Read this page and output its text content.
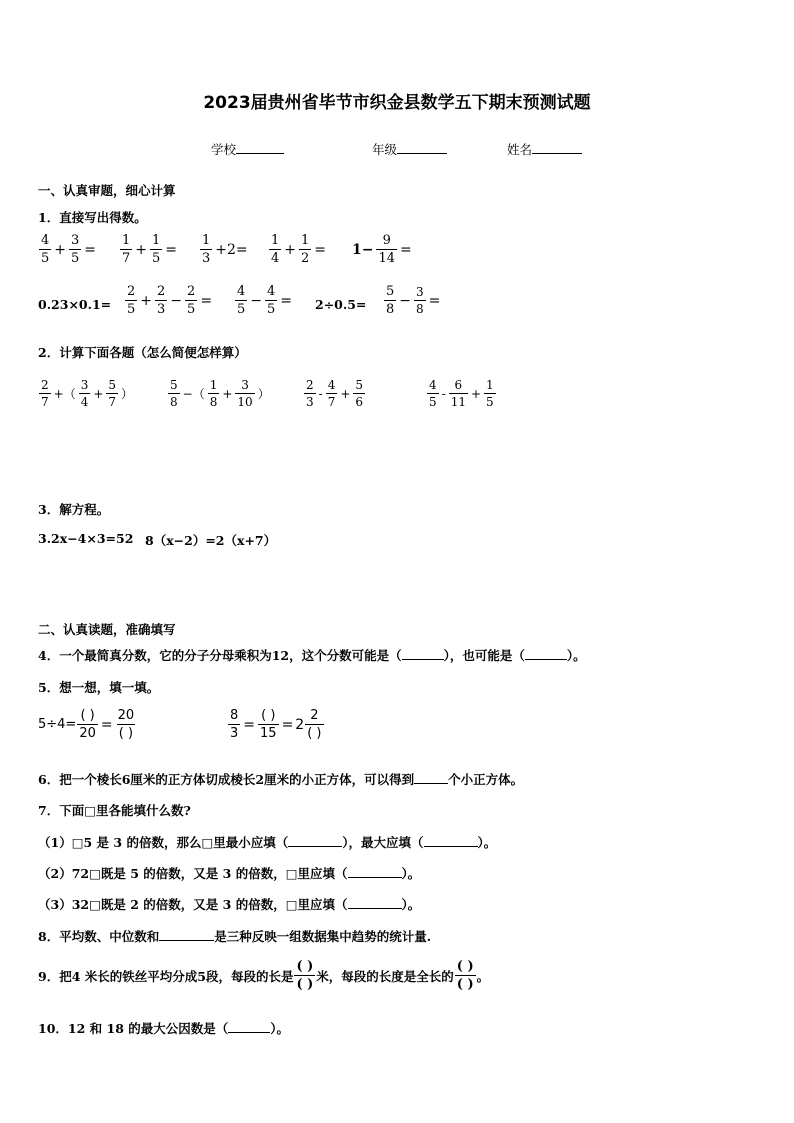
2023届贵州省毕节市织金县数学五下期末预测试题
学校	年级	姓名
一、认真审题，细心计算
1．直接写出得数。
$\frac{4}{5} + \frac{3}{5} = \frac{1}{7} + \frac{1}{5} = \frac{1}{3} +2= \frac{1}{4} + \frac{1}{2} = 1- \frac{9}{14}$ =
$0.23\times 0.1= \frac{2}{5} + \frac{2}{3} - \frac{2}{5} = \frac{4}{5} - \frac{4}{5} = 2\div 0.5= \frac{5}{8} - \frac{3}{8}$ =
2．计算下面各题（怎么简便怎样算）
$\frac{2}{7}$ +（ $\frac{3}{4} + \frac{5}{7}$ ）	$\frac{5}{8}$ −（ $\frac{1}{8} + \frac{3}{10}$ ）	$\frac{2}{3} - \frac{4}{7} + \frac{5}{6}$	$\frac{4}{5} - \frac{6}{11} + \frac{1}{5}$
3．解方程。
3.2x−4×3=52 8（x−2）=2（x+7）
二、认真读题，准确填写
4．一个最简真分数，它的分子分母乘积为12，这个分数可能是（	），也可能是（	）。
5．想一想，填一填。
$5\div 4= \frac{( )}{20} = \frac{20}{( )}$	$\frac{8}{3} = \frac{( )}{15} = 2 \frac{2}{( )}$
6．把一个棱长6厘米的正方体切成棱长2厘米的小正方体，可以得到	个小正方体。
7．下面□里各能填什么数?
（1）□5 是 3 的倍数，那么□里最小应填（	），最大应填（	）。
（2）72□既是 5 的倍数，又是 3 的倍数，□里应填（	）。
（3）32□既是 2 的倍数，又是 3 的倍数，□里应填（	）。
8．平均数、中位数和	是三种反映一组数据集中趋势的统计量.
9．把4 米长的铁丝平均分成5段，每段的长是 $\frac{( )}{( )}$ 米，每段的长度是全长的 $\frac{( )}{( )}$ 。
10．12 和 18 的最大公因数是（	）。
